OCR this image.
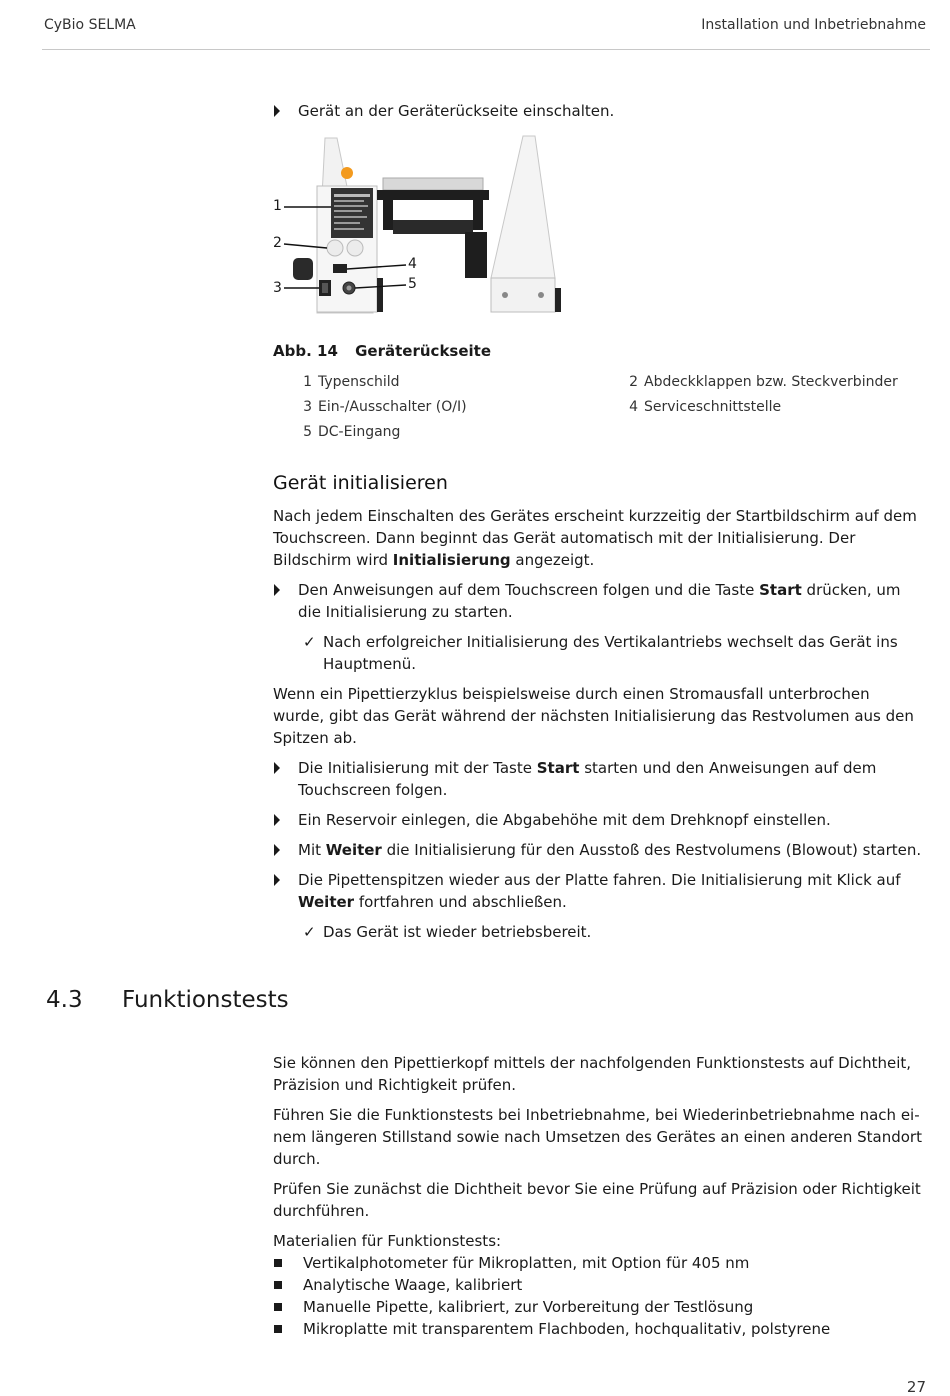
CyBio SELMA	Installation und Inbetriebnahme
Gerät an der Geräterückseite einschalten.
1
2
3
4
5
Abb. 14 Geräterückseite
1 Typenschild	2 Abdeckklappen bzw. Steckverbinder
3 Ein-/Ausschalter (O/I)	4 Serviceschnittstelle
5 DC-Eingang
Gerät initialisieren
Nach jedem Einschalten des Gerätes erscheint kurzzeitig der Startbildschirm auf dem Touchscreen. Dann beginnt das Gerät automatisch mit der Initialisierung. Der Bildschirm wird Initialisierung angezeigt.
Den Anweisungen auf dem Touchscreen folgen und die Taste Start drücken, um die Initialisierung zu starten.
✓ Nach erfolgreicher Initialisierung des Vertikalantriebs wechselt das Gerät ins Hauptmenü.
Wenn ein Pipettierzyklus beispielsweise durch einen Stromausfall unterbrochen wurde, gibt das Gerät während der nächsten Initialisierung das Restvolumen aus den Spitzen ab.
Die Initialisierung mit der Taste Start starten und den Anweisungen auf dem Touchscreen folgen.
Ein Reservoir einlegen, die Abgabehöhe mit dem Drehknopf einstellen.
Mit Weiter die Initialisierung für den Ausstoß des Restvolumens (Blowout) starten.
Die Pipettenspitzen wieder aus der Platte fahren. Die Initialisierung mit Klick auf Weiter fortfahren und abschließen.
✓ Das Gerät ist wieder betriebsbereit.
4.3 Funktionstests
Sie können den Pipettierkopf mittels der nachfolgenden Funktionstests auf Dichtheit, Präzision und Richtigkeit prüfen.
Führen Sie die Funktionstests bei Inbetriebnahme, bei Wiederinbetriebnahme nach einem längeren Stillstand sowie nach Umsetzen des Gerätes an einen anderen Standort durch.
Prüfen Sie zunächst die Dichtheit bevor Sie eine Prüfung auf Präzision oder Richtigkeit durchführen.
Materialien für Funktionstests:
Vertikalphotometer für Mikroplatten, mit Option für 405 nm
Analytische Waage, kalibriert
Manuelle Pipette, kalibriert, zur Vorbereitung der Testlösung
Mikroplatte mit transparentem Flachboden, hochqualitativ, polstyrene
27
